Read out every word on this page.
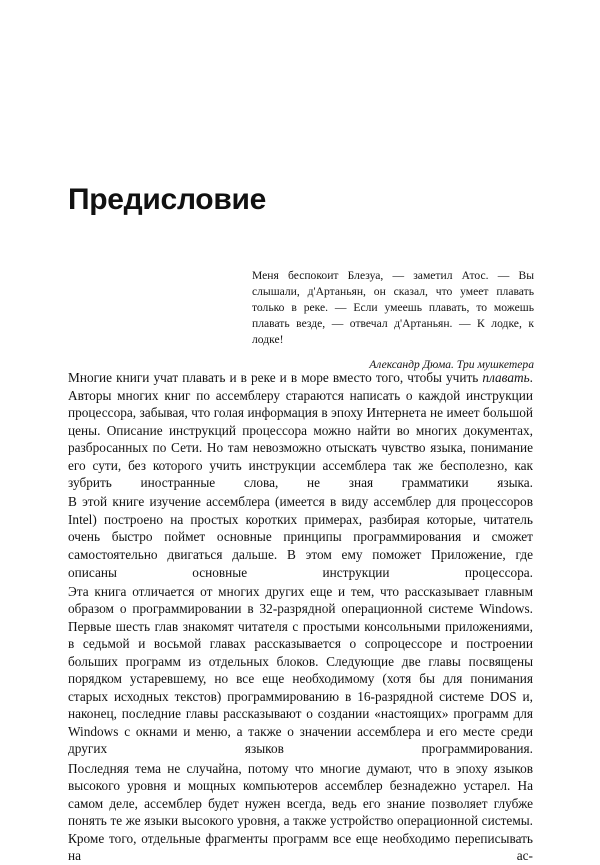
Предисловие

Меня беспокоит Блезуа, — заметил Атос. — Вы слышали, д'Артаньян, он сказал, что умеет плавать только в реке. — Если умеешь плавать, то можешь плавать везде, — отвечал д'Артаньян. — К лодке, к лодке!

Александр Дюма. Три мушкетера

Многие книги учат плавать и в реке и в море вместо того, чтобы учить плавать. Авторы многих книг по ассемблеру стараются написать о каждой инструкции процессора, забывая, что голая информация в эпоху Интернета не имеет большой цены. Описание инструкций процессора можно найти во многих документах, разбросанных по Сети. Но там невозможно отыскать чувство языка, понимание его сути, без которого учить инструкции ассемблера так же бесполезно, как зубрить иностранные слова, не зная грамматики языка.

В этой книге изучение ассемблера (имеется в виду ассемблер для процессоров Intel) построено на простых коротких примерах, разбирая которые, читатель очень быстро поймет основные принципы программирования и сможет самостоятельно двигаться дальше. В этом ему поможет Приложение, где описаны основные инструкции процессора.

Эта книга отличается от многих других еще и тем, что рассказывает главным образом о программировании в 32-разрядной операционной системе Windows. Первые шесть глав знакомят читателя с простыми консольными приложениями, в седьмой и восьмой главах рассказывается о сопроцессоре и построении больших программ из отдельных блоков. Следующие две главы посвящены порядком устаревшему, но все еще необходимому (хотя бы для понимания старых исходных текстов) программированию в 16-разрядной системе DOS и, наконец, последние главы рассказывают о создании «настоящих» программ для Windows с окнами и меню, а также о значении ассемблера и его месте среди других языков программирования.

Последняя тема не случайна, потому что многие думают, что в эпоху языков высокого уровня и мощных компьютеров ассемблер безнадежно устарел. На самом деле, ассемблер будет нужен всегда, ведь его знание позволяет глубже понять те же языки высокого уровня, а также устройство операционной системы. Кроме того, отдельные фрагменты программ все еще необходимо переписывать на ас-
